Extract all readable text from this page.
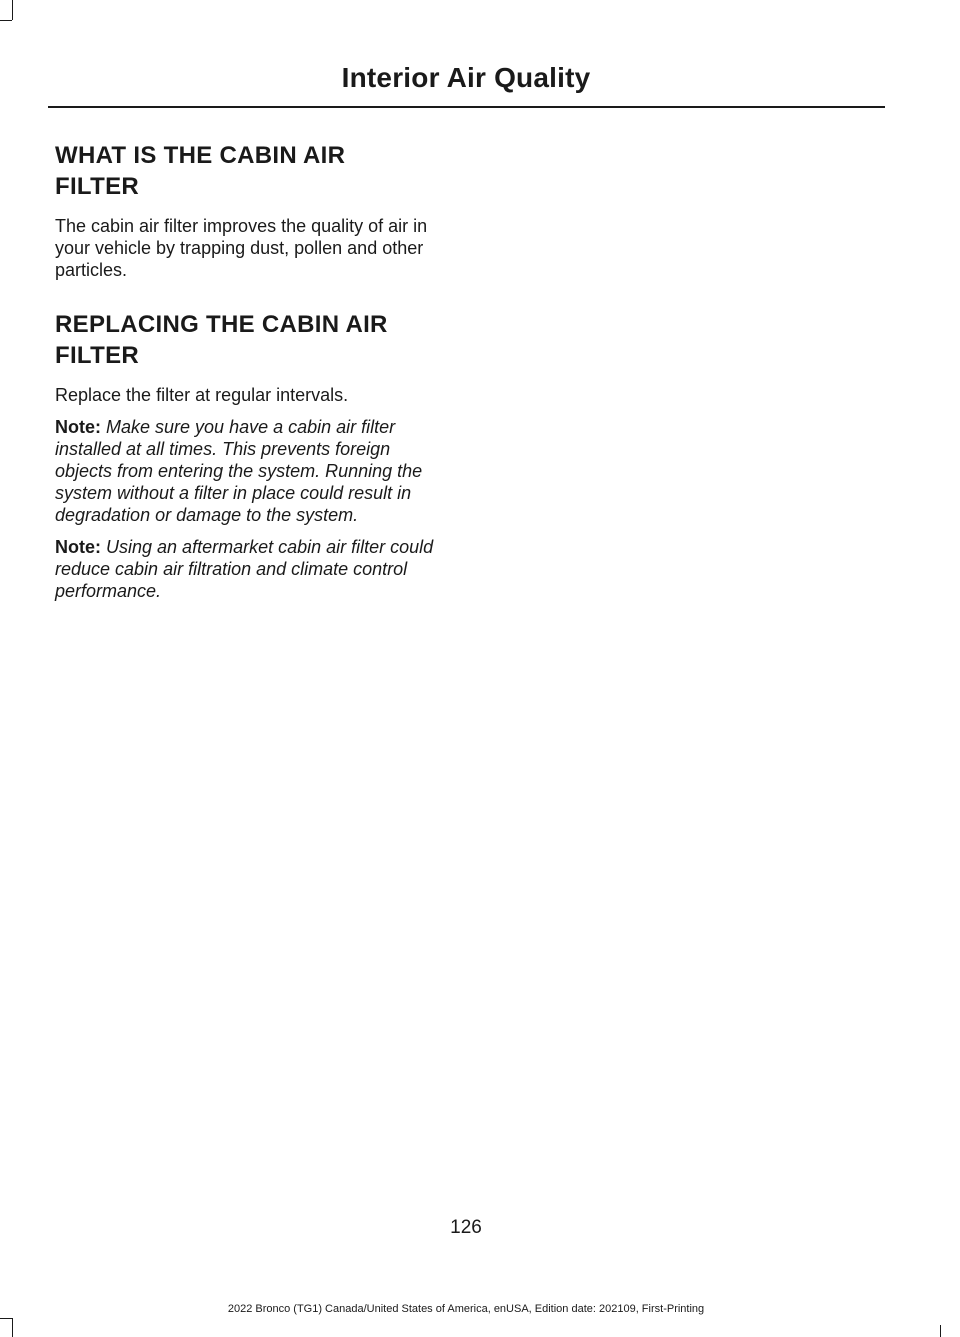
Interior Air Quality
WHAT IS THE CABIN AIR
FILTER

The cabin air filter improves the quality of air in your vehicle by trapping dust, pollen and other particles.

REPLACING THE CABIN AIR
FILTER

Replace the filter at regular intervals.

Note: Make sure you have a cabin air filter installed at all times. This prevents foreign objects from entering the system. Running the system without a filter in place could result in degradation or damage to the system.

Note: Using an aftermarket cabin air filter could reduce cabin air filtration and climate control performance.

126
2022 Bronco (TG1) Canada/United States of America, enUSA, Edition date: 202109, First-Printing
